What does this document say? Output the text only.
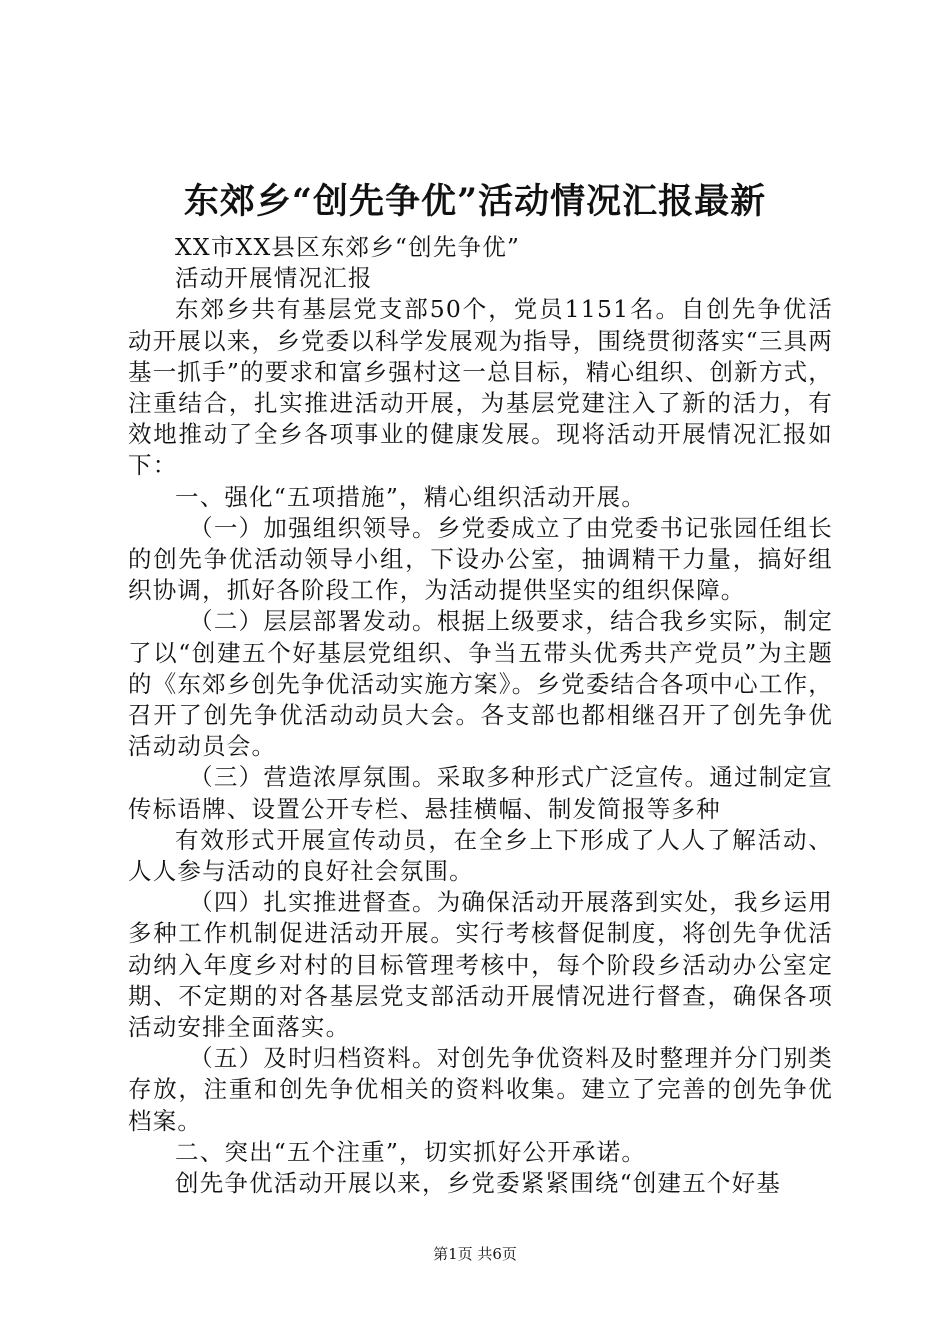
东郊乡“创先争优”活动情况汇报最新

XX市XX县区东郊乡“创先争优”

活动开展情况汇报

东郊乡共有基层党支部50个，党员1151名。自创先争优活动开展以来，乡党委以科学发展观为指导，围绕贯彻落实“三具两基一抓手”的要求和富乡强村这一总目标，精心组织、创新方式，注重结合，扎实推进活动开展，为基层党建注入了新的活力，有效地推动了全乡各项事业的健康发展。现将活动开展情况汇报如下：

一、强化“五项措施”，精心组织活动开展。

（一）加强组织领导。乡党委成立了由党委书记张园任组长的创先争优活动领导小组，下设办公室，抽调精干力量，搞好组织协调，抓好各阶段工作，为活动提供坚实的组织保障。

（二）层层部署发动。根据上级要求，结合我乡实际，制定了以“创建五个好基层党组织、争当五带头优秀共产党员”为主题的《东郊乡创先争优活动实施方案》。乡党委结合各项中心工作，召开了创先争优活动动员大会。各支部也都相继召开了创先争优活动动员会。

（三）营造浓厚氛围。采取多种形式广泛宣传。通过制定宣传标语牌、设置公开专栏、悬挂横幅、制发简报等多种

有效形式开展宣传动员，在全乡上下形成了人人了解活动、人人参与活动的良好社会氛围。

（四）扎实推进督查。为确保活动开展落到实处，我乡运用多种工作机制促进活动开展。实行考核督促制度，将创先争优活动纳入年度乡对村的目标管理考核中，每个阶段乡活动办公室定期、不定期的对各基层党支部活动开展情况进行督查，确保各项活动安排全面落实。

（五）及时归档资料。对创先争优资料及时整理并分门别类存放，注重和创先争优相关的资料收集。建立了完善的创先争优档案。

二、突出“五个注重”，切实抓好公开承诺。

创先争优活动开展以来，乡党委紧紧围绕“创建五个好基

第1页 共6页
